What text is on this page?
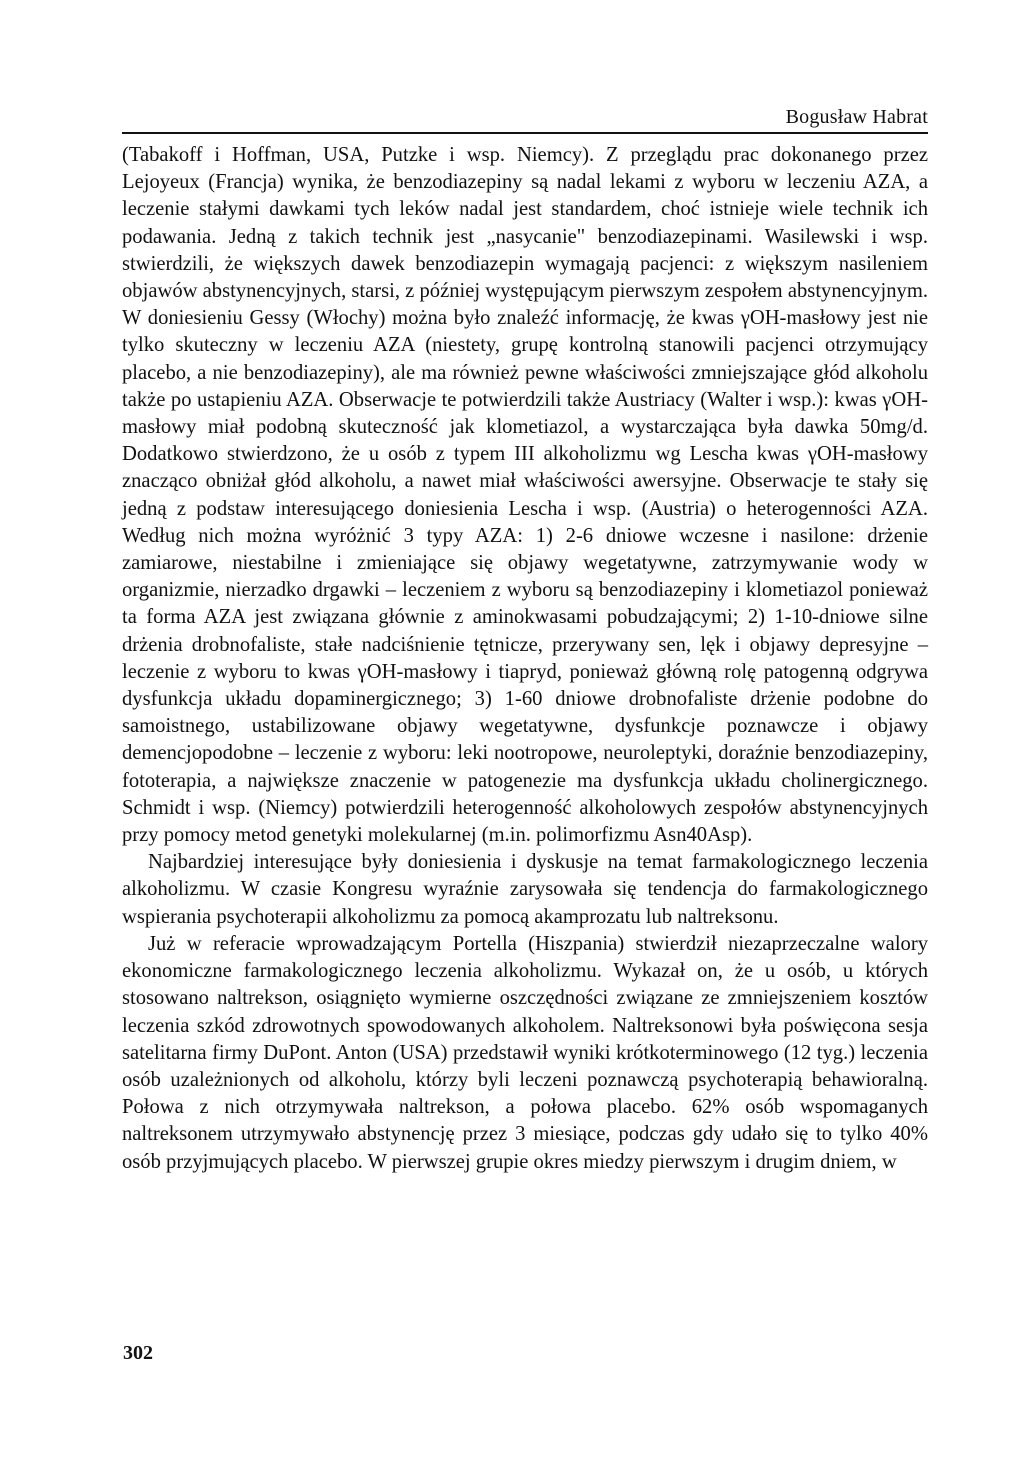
Bogusław Habrat

(Tabakoff i Hoffman, USA, Putzke i wsp. Niemcy). Z przeglądu prac dokonanego przez Lejoyeux (Francja) wynika, że benzodiazepiny są nadal lekami z wyboru w leczeniu AZA, a leczenie stałymi dawkami tych leków nadal jest standardem, choć istnieje wiele technik ich podawania. Jedną z takich technik jest „nasycanie" benzodiazepinami. Wasilewski i wsp. stwierdzili, że większych dawek benzodiazepin wymagają pacjenci: z większym nasileniem objawów abstynencyjnych, starsi, z później występującym pierwszym zespołem abstynencyjnym. W doniesieniu Gessy (Włochy) można było znaleźć informację, że kwas γOH-masłowy jest nie tylko skuteczny w leczeniu AZA (niestety, grupę kontrolną stanowili pacjenci otrzymujący placebo, a nie benzodiazepiny), ale ma również pewne właściwości zmniejszające głód alkoholu także po ustapieniu AZA. Obserwacje te potwierdzili także Austriacy (Walter i wsp.): kwas γOH-masłowy miał podobną skuteczność jak klometiazol, a wystarczająca była dawka 50mg/d. Dodatkowo stwierdzono, że u osób z typem III alkoholizmu wg Lescha kwas γOH-masłowy znacząco obniżał głód alkoholu, a nawet miał właściwości awersyjne. Obserwacje te stały się jedną z podstaw interesującego doniesienia Lescha i wsp. (Austria) o heterogenności AZA. Według nich można wyróżnić 3 typy AZA: 1) 2-6 dniowe wczesne i nasilone: drżenie zamiarowe, niestabilne i zmieniające się objawy wegetatywne, zatrzymywanie wody w organizmie, nierzadko drgawki – leczeniem z wyboru są benzodiazepiny i klometiazol ponieważ ta forma AZA jest związana głównie z aminokwasami pobudzającymi; 2) 1-10-dniowe silne drżenia drobnofaliste, stałe nadciśnienie tętnicze, przerywany sen, lęk i objawy depresyjne – leczenie z wyboru to kwas γOH-masłowy i tiapryd, ponieważ główną rolę patogenną odgrywa dysfunkcja układu dopaminergicznego; 3) 1-60 dniowe drobnofaliste drżenie podobne do samoistnego, ustabilizowane objawy wegetatywne, dysfunkcje poznawcze i objawy demencjopodobne – leczenie z wyboru: leki nootropowe, neuroleptyki, doraźnie benzodiazepiny, fototerapia, a największe znaczenie w patogenezie ma dysfunkcja układu cholinergicznego. Schmidt i wsp. (Niemcy) potwierdzili heterogenność alkoholowych zespołów abstynencyjnych przy pomocy metod genetyki molekularnej (m.in. polimorfizmu Asn40Asp).

Najbardziej interesujące były doniesienia i dyskusje na temat farmakologicznego leczenia alkoholizmu. W czasie Kongresu wyraźnie zarysowała się tendencja do farmakologicznego wspierania psychoterapii alkoholizmu za pomocą akamprozatu lub naltreksonu.

Już w referacie wprowadzającym Portella (Hiszpania) stwierdził niezaprzeczalne walory ekonomiczne farmakologicznego leczenia alkoholizmu. Wykazał on, że u osób, u których stosowano naltrekson, osiągnięto wymierne oszczędności związane ze zmniejszeniem kosztów leczenia szkód zdrowotnych spowodowanych alkoholem. Naltreksonowi była poświęcona sesja satelitarna firmy DuPont. Anton (USA) przedstawił wyniki krótkoterminowego (12 tyg.) leczenia osób uzależnionych od alkoholu, którzy byli leczeni poznawczą psychoterapią behawioralną. Połowa z nich otrzymywała naltrekson, a połowa placebo. 62% osób wspomaganych naltreksonem utrzymywało abstynencję przez 3 miesiące, podczas gdy udało się to tylko 40% osób przyjmujących placebo. W pierwszej grupie okres miedzy pierwszym i drugim dniem, w

302
